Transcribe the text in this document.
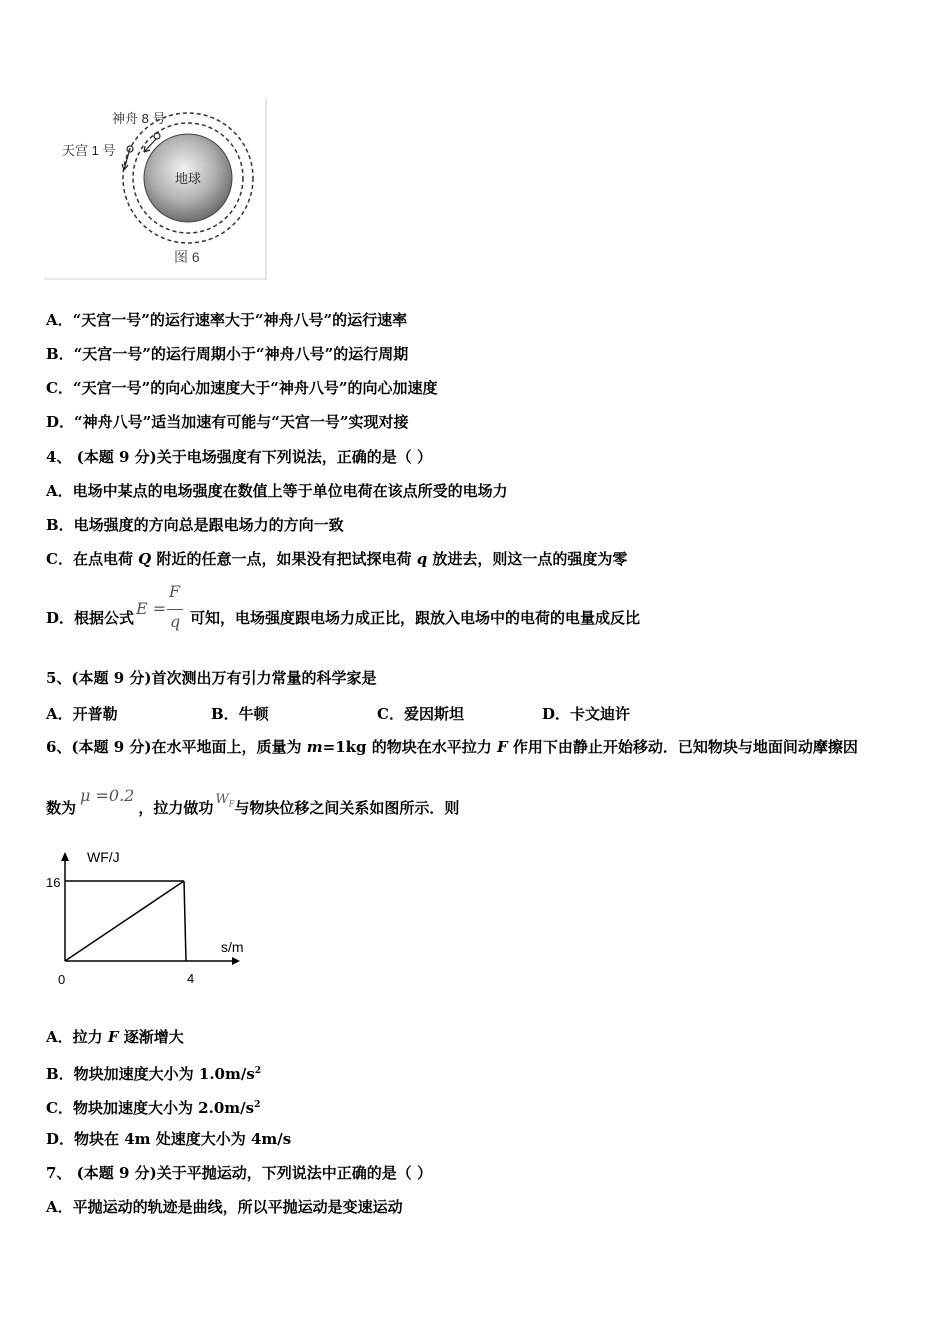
神舟 8 号
天宫 1 号
地球
图 6
A．“天宫一号”的运行速率大于“神舟八号”的运行速率
B．“天宫一号”的运行周期小于“神舟八号”的运行周期
C．“天宫一号”的向心加速度大于“神舟八号”的向心加速度
D．“神舟八号”适当加速有可能与“天宫一号”实现对接
4、 (本题 9 分)关于电场强度有下列说法，正确的是（ ）
A．电场中某点的电场强度在数值上等于单位电荷在该点所受的电场力
B．电场强度的方向总是跟电场力的方向一致
C．在点电荷 Q 附近的任意一点，如果没有把试探电荷 q 放进去，则这一点的强度为零
D．根据公式 E =
F
q 可知，电场强度跟电场力成正比，跟放入电场中的电荷的电量成反比
5、(本题 9 分)首次测出万有引力常量的科学家是
A．开普勒	B．牛顿	C．爱因斯坦	D．卡文迪许
6、(本题 9 分)在水平地面上，质量为 m=1kg 的物块在水平拉力 F 作用下由静止开始移动．已知物块与地面间动摩擦因
数为μ =0.2，拉力做功 $W_F$与物块位移之间关系如图所示．则
0	4
16
WF/J
s/m
A．拉力 F 逐渐增大
B．物块加速度大小为 $1.0m/s^2$
C．物块加速度大小为 $2.0m/s^2$
D．物块在 4m 处速度大小为 4m/s
7、 (本题 9 分)关于平抛运动，下列说法中正确的是（ ）
A．平抛运动的轨迹是曲线，所以平抛运动是变速运动
